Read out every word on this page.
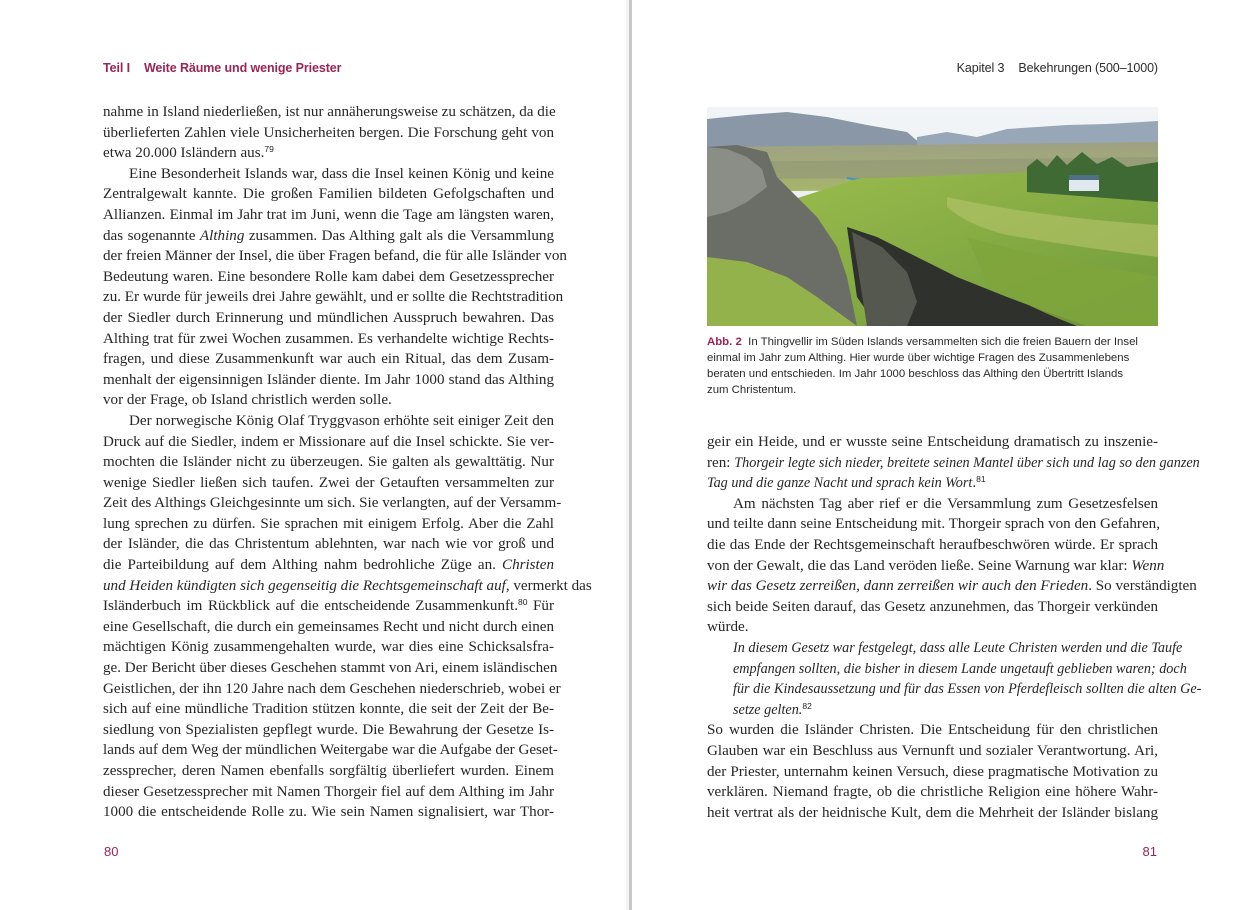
Teil I Weite Räume und wenige Priester
nahme in Island niederließen, ist nur annäherungsweise zu schätzen, da die
überlieferten Zahlen viele Unsicherheiten bergen. Die Forschung geht von
etwa 20.000 Isländern aus.$^{79}$
Eine Besonderheit Islands war, dass die Insel keinen König und keine
Zentralgewalt kannte. Die großen Familien bildeten Gefolgschaften und
Allianzen. Einmal im Jahr trat im Juni, wenn die Tage am längsten waren,
das sogenannte Althing zusammen. Das Althing galt als die Versammlung
der freien Männer der Insel, die über Fragen befand, die für alle Isländer von
Bedeutung waren. Eine besondere Rolle kam dabei dem Gesetzessprecher
zu. Er wurde für jeweils drei Jahre gewählt, und er sollte die Rechtstradition
der Siedler durch Erinnerung und mündlichen Ausspruch bewahren. Das
Althing trat für zwei Wochen zusammen. Es verhandelte wichtige Rechts-
fragen, und diese Zusammenkunft war auch ein Ritual, das dem Zusam-
menhalt der eigensinnigen Isländer diente. Im Jahr 1000 stand das Althing
vor der Frage, ob Island christlich werden solle.
Der norwegische König Olaf Tryggvason erhöhte seit einiger Zeit den
Druck auf die Siedler, indem er Missionare auf die Insel schickte. Sie ver-
mochten die Isländer nicht zu überzeugen. Sie galten als gewalttätig. Nur
wenige Siedler ließen sich taufen. Zwei der Getauften versammelten zur
Zeit des Althings Gleichgesinnte um sich. Sie verlangten, auf der Versamm-
lung sprechen zu dürfen. Sie sprachen mit einigem Erfolg. Aber die Zahl
der Isländer, die das Christentum ablehnten, war nach wie vor groß und
die Parteibildung auf dem Althing nahm bedrohliche Züge an. Christen
und Heiden kündigten sich gegenseitig die Rechtsgemeinschaft auf, vermerkt das
Isländerbuch im Rückblick auf die entscheidende Zusammenkunft.$^{80}$ Für
eine Gesellschaft, die durch ein gemeinsames Recht und nicht durch einen
mächtigen König zusammengehalten wurde, war dies eine Schicksalsfra-
ge. Der Bericht über dieses Geschehen stammt von Ari, einem isländischen
Geistlichen, der ihn 120 Jahre nach dem Geschehen niederschrieb, wobei er
sich auf eine mündliche Tradition stützen konnte, die seit der Zeit der Be-
siedlung von Spezialisten gepflegt wurde. Die Bewahrung der Gesetze Is-
lands auf dem Weg der mündlichen Weitergabe war die Aufgabe der Geset-
zessprecher, deren Namen ebenfalls sorgfältig überliefert wurden. Einem
dieser Gesetzessprecher mit Namen Thorgeir fiel auf dem Althing im Jahr
1000 die entscheidende Rolle zu. Wie sein Namen signalisiert, war Thor-
80
Kapitel 3 Bekehrungen (500–1000)
Abb. 2 In Thingvellir im Süden Islands versammelten sich die freien Bauern der Insel
einmal im Jahr zum Althing. Hier wurde über wichtige Fragen des Zusammenlebens
beraten und entschieden. Im Jahr 1000 beschloss das Althing den Übertritt Islands
zum Christentum.
geir ein Heide, und er wusste seine Entscheidung dramatisch zu inszenie-
ren: Thorgeir legte sich nieder, breitete seinen Mantel über sich und lag so den ganzen
Tag und die ganze Nacht und sprach kein Wort.$^{81}$
Am nächsten Tag aber rief er die Versammlung zum Gesetzesfelsen
und teilte dann seine Entscheidung mit. Thorgeir sprach von den Gefahren,
die das Ende der Rechtsgemeinschaft heraufbeschwören würde. Er sprach
von der Gewalt, die das Land veröden ließe. Seine Warnung war klar: Wenn
wir das Gesetz zerreißen, dann zerreißen wir auch den Frieden. So verständigten
sich beide Seiten darauf, das Gesetz anzunehmen, das Thorgeir verkünden
würde.
In diesem Gesetz war festgelegt, dass alle Leute Christen werden und die Taufe
empfangen sollten, die bisher in diesem Lande ungetauft geblieben waren; doch
für die Kindesaussetzung und für das Essen von Pferdefleisch sollten die alten Ge-
setze gelten.$^{82}$
So wurden die Isländer Christen. Die Entscheidung für den christlichen
Glauben war ein Beschluss aus Vernunft und sozialer Verantwortung. Ari,
der Priester, unternahm keinen Versuch, diese pragmatische Motivation zu
verklären. Niemand fragte, ob die christliche Religion eine höhere Wahr-
heit vertrat als der heidnische Kult, dem die Mehrheit der Isländer bislang
81
